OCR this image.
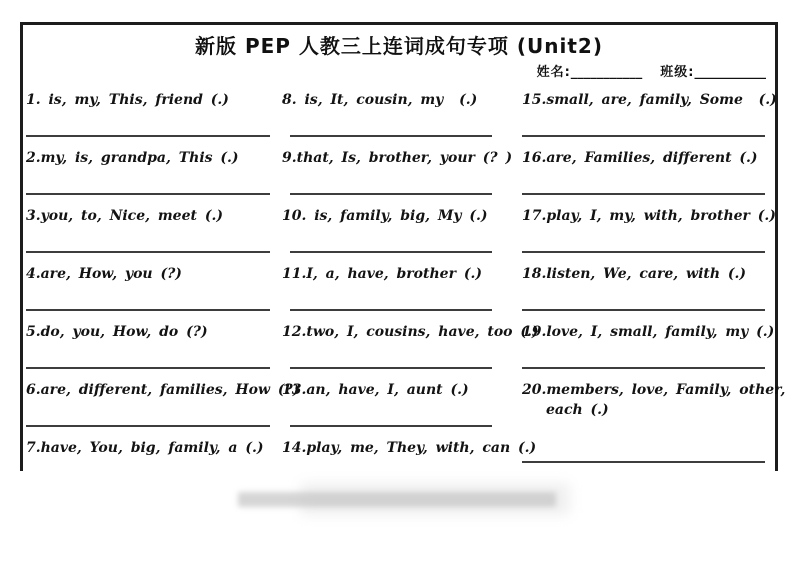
新版 PEP 人教三上连词成句专项 (Unit2)
姓名:___________ 班级:___________
1. is, my, This, friend (.)
2.my, is, grandpa, This (.)
3.you, to, Nice, meet (.)
4.are, How, you (?)
5.do, you, How, do (?)
6.are, different, families, How (?)
7.have, You, big, family, a (.)
8. is, It, cousin, my  (.)
9.that, Is, brother, your (? )
10. is, family, big, My (.)
11.I, a, have, brother (.)
12.two, I, cousins, have, too (.)
13.an, have, I, aunt (.)
14.play, me, They, with, can (.)
15.small, are, family, Some  (.)
16.are, Families, different (.)
17.play, I, my, with, brother (.)
18.listen, We, care, with (.)
19.love, I, small, family, my (.)
20.members, love, Family, other,
each (.)
